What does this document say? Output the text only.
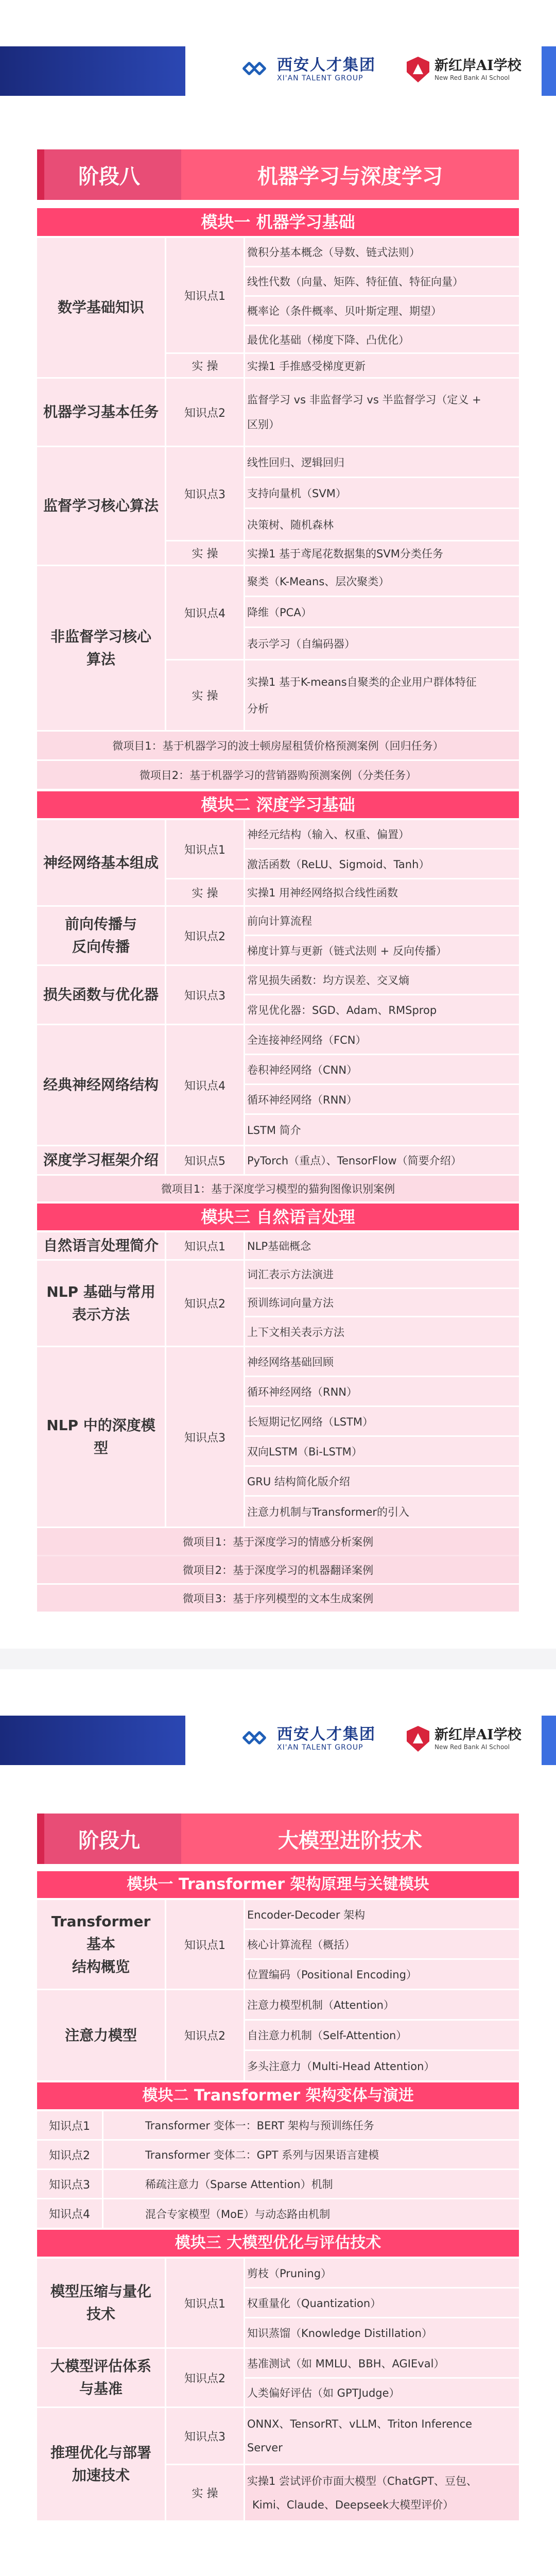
西安人才集团
XI'AN TALENT GROUP
新红岸AI学校
New Red Bank AI School
阶段八	机器学习与深度学习
模块一 机器学习基础
数学基础知识
机器学习基本任务
监督学习核心算法
非监督学习核心
算法
知识点1
实 操
知识点2
知识点3
实 操
知识点4
实 操
微积分基本概念（导数、链式法则）
线性代数（向量、矩阵、特征值、特征向量）
概率论（条件概率、贝叶斯定理、期望）
最优化基础（梯度下降、凸优化）
实操1 手推感受梯度更新
监督学习 vs 非监督学习 vs 半监督学习（定义 +
区别）
线性回归、逻辑回归
支持向量机（SVM）
决策树、随机森林
实操1 基于鸢尾花数据集的SVM分类任务
聚类（K-Means、层次聚类）
降维（PCA）
表示学习（自编码器）
实操1 基于K-means自聚类的企业用户群体特征
分析
微项目1：基于机器学习的波士顿房屋租赁价格预测案例（回归任务）
微项目2：基于机器学习的营销器购预测案例（分类任务）
模块二 深度学习基础
神经网络基本组成
前向传播与
反向传播
损失函数与优化器
经典神经网络结构
深度学习框架介绍
知识点1
实 操
知识点2
知识点3
知识点4
知识点5
神经元结构（输入、权重、偏置）
激活函数（ReLU、Sigmoid、Tanh）
实操1 用神经网络拟合线性函数
前向计算流程
梯度计算与更新（链式法则 + 反向传播）
常见损失函数：均方误差、交叉熵
常见优化器：SGD、Adam、RMSprop
全连接神经网络（FCN）
卷积神经网络（CNN）
循环神经网络（RNN）
LSTM 简介
PyTorch（重点）、TensorFlow（简要介绍）
微项目1：基于深度学习模型的猫狗图像识别案例
模块三 自然语言处理
自然语言处理简介
NLP 基础与常用
表示方法
NLP 中的深度模型
知识点1
知识点2
知识点3
NLP基础概念
词汇表示方法演进
预训练词向量方法
上下文相关表示方法
神经网络基础回顾
循环神经网络（RNN）
长短期记忆网络（LSTM）
双向LSTM（Bi-LSTM）
GRU 结构简化版介绍
注意力机制与Transformer的引入
微项目1：基于深度学习的情感分析案例
微项目2：基于深度学习的机器翻译案例
微项目3：基于序列模型的文本生成案例
西安人才集团
XI'AN TALENT GROUP
新红岸AI学校
New Red Bank AI School
阶段九	大模型进阶技术
模块一 Transformer 架构原理与关键模块
Transformer 基本
结构概览
注意力模型
知识点1
知识点2
Encoder-Decoder 架构
核心计算流程（概括）
位置编码（Positional Encoding）
注意力模型机制（Attention）
自注意力机制（Self-Attention）
多头注意力（Multi-Head Attention）
模块二 Transformer 架构变体与演进
知识点1
知识点2
知识点3
知识点4
Transformer 变体一：BERT 架构与预训练任务
Transformer 变体二：GPT 系列与因果语言建模
稀疏注意力（Sparse Attention）机制
混合专家模型（MoE）与动态路由机制
模块三 大模型优化与评估技术
模型压缩与量化
技术
大模型评估体系
与基准
推理优化与部署
加速技术
知识点1
知识点2
知识点3
实 操
剪枝（Pruning）
权重量化（Quantization）
知识蒸馏（Knowledge Distillation）
基准测试（如 MMLU、BBH、AGIEval）
人类偏好评估（如 GPTJudge）
ONNX、TensorRT、vLLM、Triton Inference
Server
实操1 尝试评价市面大模型（ChatGPT、豆包、
Kimi、Claude、Deepseek大模型评价）
